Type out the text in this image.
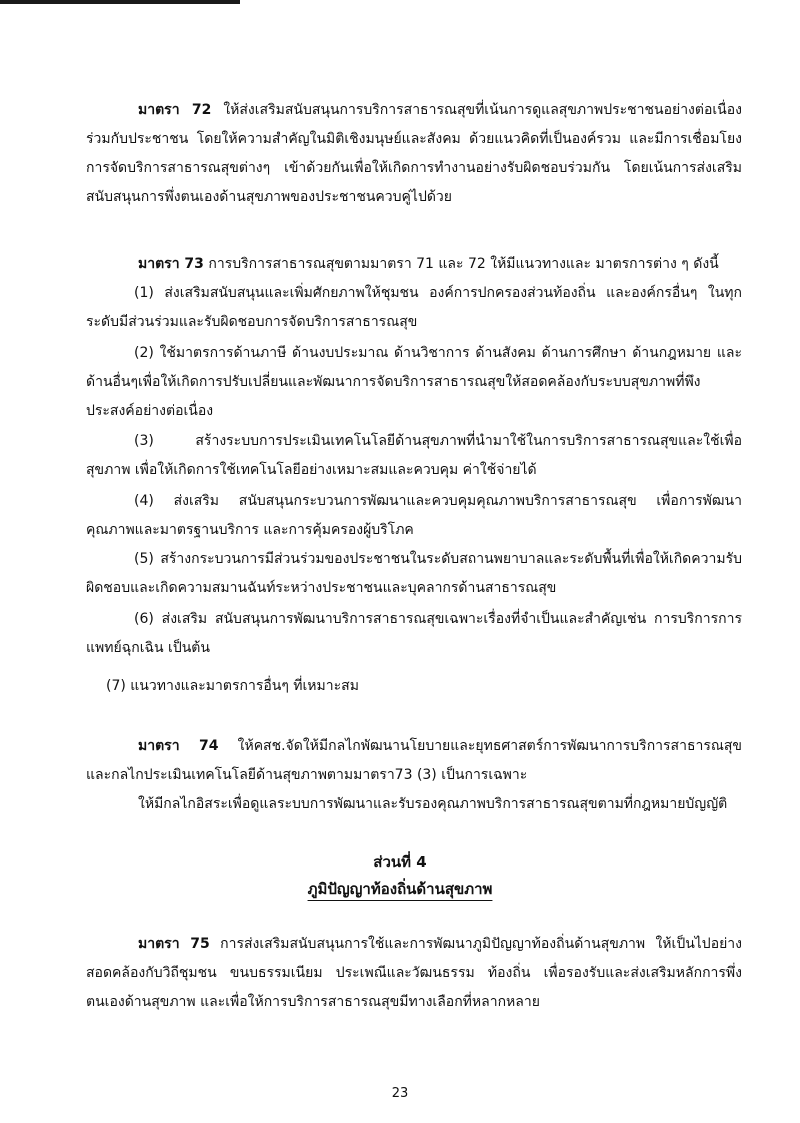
มาตรา 72 ให้ส่งเสริมสนับสนุนการบริการสาธารณสุขที่เน้นการดูแลสุขภาพประชาชนอย่างต่อเนื่องร่วมกับประชาชน โดยให้ความสำคัญในมิติเชิงมนุษย์และสังคม ด้วยแนวคิดที่เป็นองค์รวม และมีการเชื่อมโยงการจัดบริการสาธารณสุขต่างๆ เข้าด้วยกันเพื่อให้เกิดการทำงานอย่างรับผิดชอบร่วมกัน โดยเน้นการส่งเสริมสนับสนุนการพึ่งตนเองด้านสุขภาพของประชาชนควบคู่ไปด้วย

มาตรา 73 การบริการสาธารณสุขตามมาตรา 71 และ 72 ให้มีแนวทางและ มาตรการต่าง ๆ ดังนี้

(1) ส่งเสริมสนับสนุนและเพิ่มศักยภาพให้ชุมชน องค์การปกครองส่วนท้องถิ่น และองค์กรอื่นๆ ในทุกระดับมีส่วนร่วมและรับผิดชอบการจัดบริการสาธารณสุข

(2) ใช้มาตรการด้านภาษี ด้านงบประมาณ ด้านวิชาการ ด้านสังคม ด้านการศึกษา ด้านกฎหมาย และด้านอื่นๆเพื่อให้เกิดการปรับเปลี่ยนและพัฒนาการจัดบริการสาธารณสุขให้สอดคล้องกับระบบสุขภาพที่พึงประสงค์อย่างต่อเนื่อง

(3) สร้างระบบการประเมินเทคโนโลยีด้านสุขภาพที่นำมาใช้ในการบริการสาธารณสุขและใช้เพื่อสุขภาพ เพื่อให้เกิดการใช้เทคโนโลยีอย่างเหมาะสมและควบคุม ค่าใช้จ่ายได้

(4) ส่งเสริม สนับสนุนกระบวนการพัฒนาและควบคุมคุณภาพบริการสาธารณสุข เพื่อการพัฒนาคุณภาพและมาตรฐานบริการ และการคุ้มครองผู้บริโภค

(5) สร้างกระบวนการมีส่วนร่วมของประชาชนในระดับสถานพยาบาลและระดับพื้นที่เพื่อให้เกิดความรับผิดชอบและเกิดความสมานฉันท์ระหว่างประชาชนและบุคลากรด้านสาธารณสุข

(6) ส่งเสริม สนับสนุนการพัฒนาบริการสาธารณสุขเฉพาะเรื่องที่จำเป็นและสำคัญเช่น การบริการการแพทย์ฉุกเฉิน เป็นต้น

(7) แนวทางและมาตรการอื่นๆ ที่เหมาะสม

มาตรา 74 ให้คสช.จัดให้มีกลไกพัฒนานโยบายและยุทธศาสตร์การพัฒนาการบริการสาธารณสุข และกลไกประเมินเทคโนโลยีด้านสุขภาพตามมาตรา73 (3) เป็นการเฉพาะ

ให้มีกลไกอิสระเพื่อดูแลระบบการพัฒนาและรับรองคุณภาพบริการสาธารณสุขตามที่กฎหมายบัญญัติ

ส่วนที่ 4

ภูมิปัญญาท้องถิ่นด้านสุขภาพ

มาตรา 75 การส่งเสริมสนับสนุนการใช้และการพัฒนาภูมิปัญญาท้องถิ่นด้านสุขภาพ ให้เป็นไปอย่างสอดคล้องกับวิถีชุมชน ขนบธรรมเนียม ประเพณีและวัฒนธรรม ท้องถิ่น เพื่อรองรับและส่งเสริมหลักการพึ่งตนเองด้านสุขภาพ และเพื่อให้การบริการสาธารณสุขมีทางเลือกที่หลากหลาย

23
